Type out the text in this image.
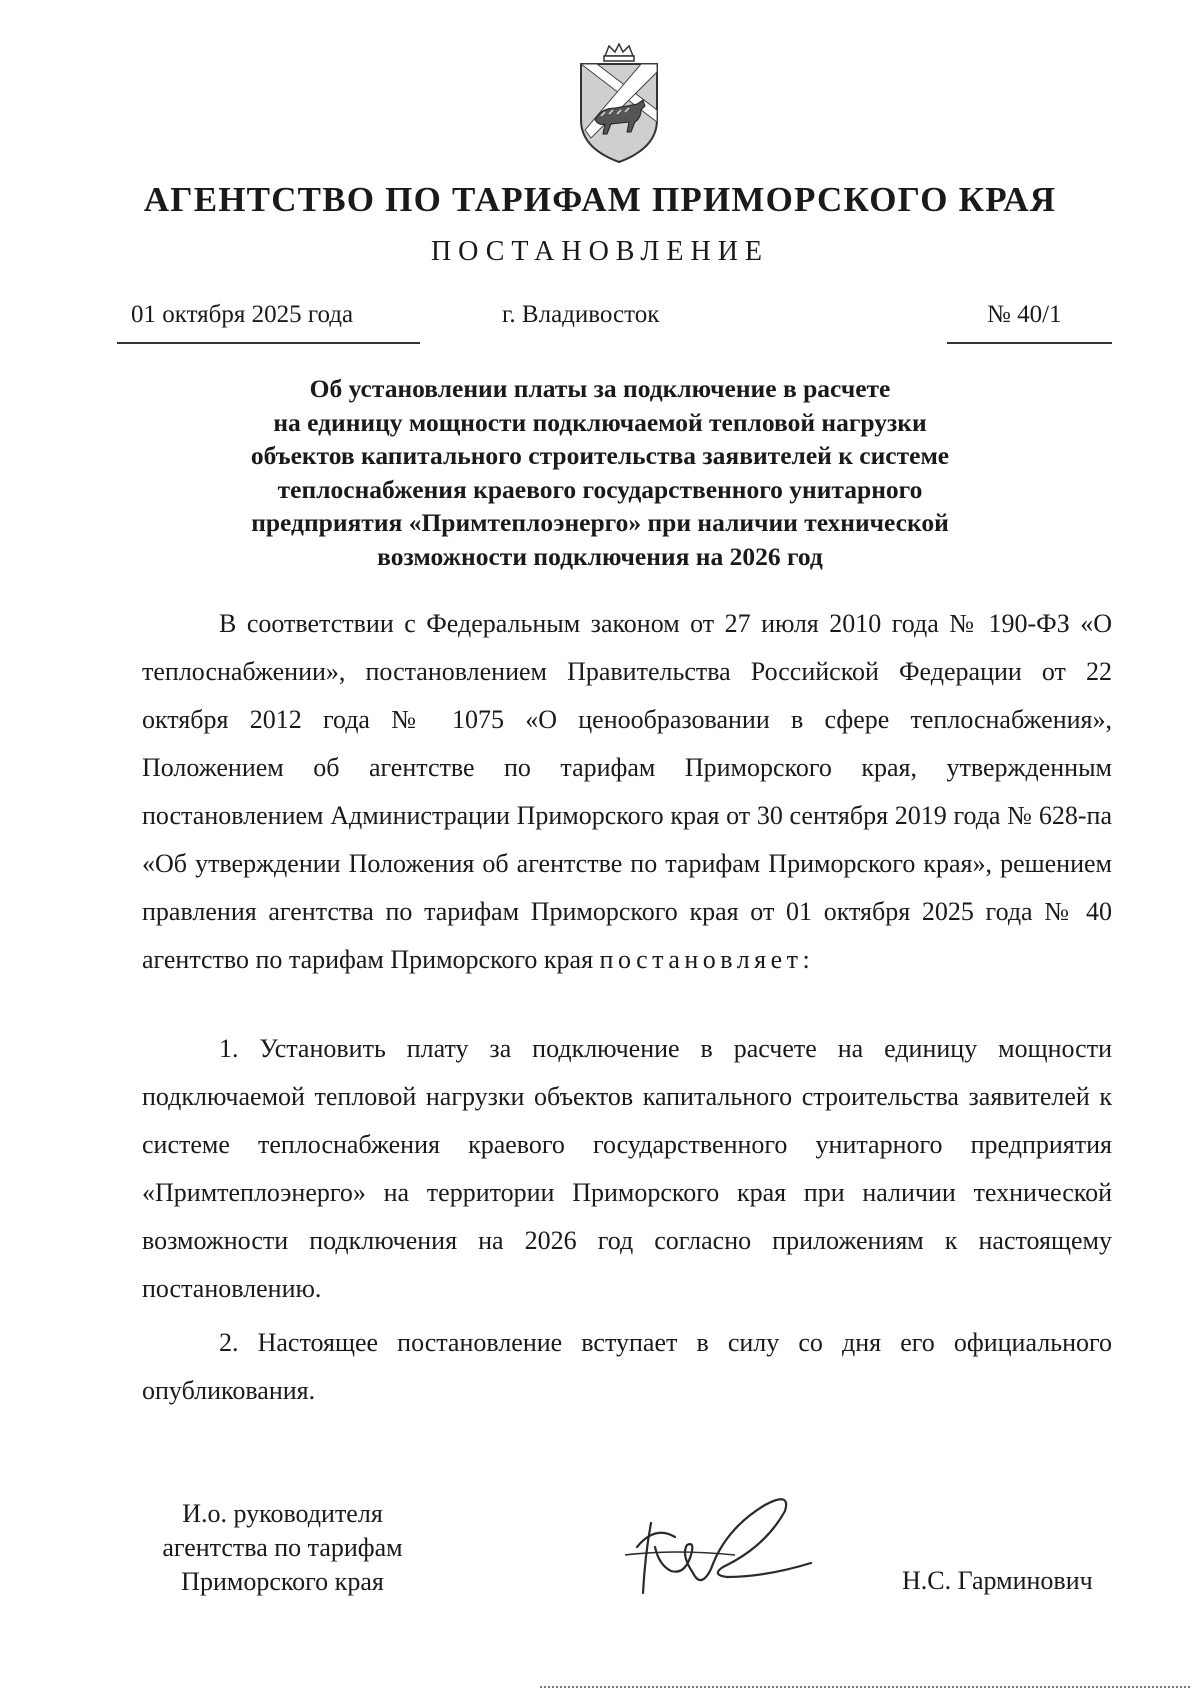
АГЕНТСТВО ПО ТАРИФАМ ПРИМОРСКОГО КРАЯ
ПОСТАНОВЛЕНИЕ
01 октября 2025 года	г. Владивосток	№ 40/1
Об установлении платы за подключение в расчете
на единицу мощности подключаемой тепловой нагрузки
объектов капитального строительства заявителей к системе
теплоснабжения краевого государственного унитарного
предприятия «Примтеплоэнерго» при наличии технической
возможности подключения на 2026 год
В соответствии с Федеральным законом от 27 июля 2010 года № 190-ФЗ «О теплоснабжении», постановлением Правительства Российской Федерации от 22 октября 2012 года № 1075 «О ценообразовании в сфере теплоснабжения», Положением об агентстве по тарифам Приморского края, утвержденным постановлением Администрации Приморского края от 30 сентября 2019 года № 628-па «Об утверждении Положения об агентстве по тарифам Приморского края», решением правления агентства по тарифам Приморского края от 01 октября 2025 года № 40 агентство по тарифам Приморского края постановляет:
1. Установить плату за подключение в расчете на единицу мощности подключаемой тепловой нагрузки объектов капитального строительства заявителей к системе теплоснабжения краевого государственного унитарного предприятия «Примтеплоэнерго» на территории Приморского края при наличии технической возможности подключения на 2026 год согласно приложениям к настоящему постановлению.
2. Настоящее постановление вступает в силу со дня его официального опубликования.
И.о. руководителя
агентства по тарифам
Приморского края	Н.С. Гарминович
